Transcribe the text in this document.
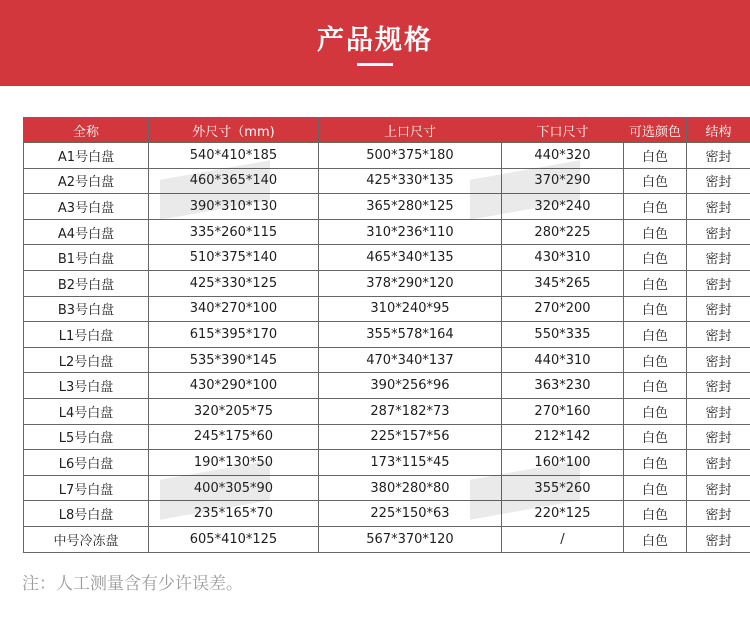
产品规格
全称	外尺寸（mm)	上口尺寸	下口尺寸	可选颜色	结构
A1号白盘	540*410*185	500*375*180	440*320	白色	密封
A2号白盘	460*365*140	425*330*135	370*290	白色	密封
A3号白盘	390*310*130	365*280*125	320*240	白色	密封
A4号白盘	335*260*115	310*236*110	280*225	白色	密封
B1号白盘	510*375*140	465*340*135	430*310	白色	密封
B2号白盘	425*330*125	378*290*120	345*265	白色	密封
B3号白盘	340*270*100	310*240*95	270*200	白色	密封
L1号白盘	615*395*170	355*578*164	550*335	白色	密封
L2号白盘	535*390*145	470*340*137	440*310	白色	密封
L3号白盘	430*290*100	390*256*96	363*230	白色	密封
L4号白盘	320*205*75	287*182*73	270*160	白色	密封
L5号白盘	245*175*60	225*157*56	212*142	白色	密封
L6号白盘	190*130*50	173*115*45	160*100	白色	密封
L7号白盘	400*305*90	380*280*80	355*260	白色	密封
L8号白盘	235*165*70	225*150*63	220*125	白色	密封
中号冷冻盘	605*410*125	567*370*120	/	白色	密封
注：人工测量含有少许误差。
